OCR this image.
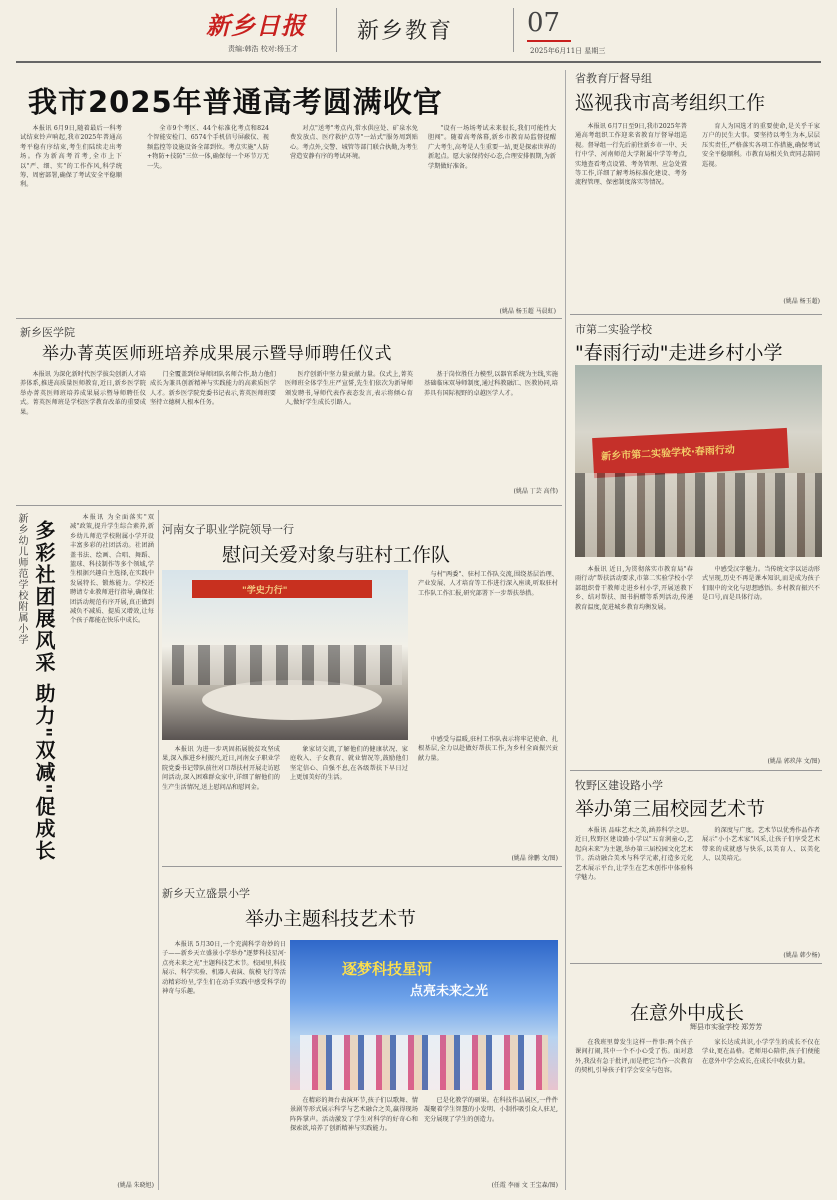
新乡日报
责编:韩浩 校对:杨玉才
新乡教育	07
2025年6月11日 星期三
我市2025年普通高考圆满收官

本报讯 6月9日,随着最后一科考试结束铃声响起,我市2025年普通高考平稳有序结束,考生们陆续走出考场。作为新高考首考,全市上下以"严、细、实"的工作作风,科学统筹、周密部署,确保了考试安全平稳顺利。

全市9个考区、44个标准化考点和824个智能安检门、6574个手机信号屏蔽仪、视频监控等设施设备全部到位。考点实施"人防+物防+技防"三位一体,确保每一个环节万无一失。

对点"送考"考点内,常水供应处、矿泉水免费发放点、医疗救护点等"一站式"服务周到贴心。考点外,交警、城管等部门联合执勤,为考生营造安静有序的考试环境。

"设有一场场考试未来很长,我们可能性大胆闯"。随着高考落幕,新乡市教育局监督提醒广大考生,高考是人生重要一站,更是探索世界的新起点。愿大家保持好心态,合理安排假期,为新学期做好准备。

(姚晶 杨玉超 马晨虹)
省教育厅督导组
巡视我市高考组织工作

本报讯 6月7日至9日,我市2025年普通高考组织工作迎来省教育厅督导组巡视。督导组一行先后前往新乡市一中、天行中学、河南师范大学附属中学等考点,实地查看考点设置、考务管理、应急处置等工作,详细了解考场标准化建设、考务流程管理、保密制度落实等情况。

育人为国选才的重要使命,是关乎千家万户的民生大事。要坚持以考生为本,层层压实责任,严格落实各项工作措施,确保考试安全平稳顺利。市教育局相关负责同志陪同巡视。

(姚晶 杨玉超)
新乡医学院
举办菁英医师班培养成果展示暨导师聘任仪式

本报讯 为深化新时代医学拔尖创新人才培养体系,推进高质量医师教育,近日,新乡医学院举办菁英医师班培养成果展示暨导师聘任仪式。菁英医师班是学校医学教育改革的重要成果。

门全覆盖到位导师团队名师合作,助力他们成长为兼具创新精神与实践能力的高素质医学人才。新乡医学院党委书记表示,菁英医师班要坚持立德树人根本任务。

医疗创新中坚力量贡献力量。仪式上,菁英医师班全体学生庄严宣誓,先生们依次为新导师颁发聘书,导师代表作表态发言,表示将倾心育人,做好学生成长引路人。

基于岗位胜任力模型,以器官系统为主线,实施基础临床双导师制度,通过科教融汇、医教协同,培养具有国际视野的卓越医学人才。

(姚晶 丁芸 高伟)
市第二实验学校
"春雨行动"走进乡村小学
新乡市第二实验学校·春雨行动

本报讯 近日,为贯彻落实市教育局"春雨行动"帮扶活动要求,市第二实验学校小学部组织骨干教师走进乡村小学,开展送教下乡、结对帮扶、图书捐赠等系列活动,传递教育温度,促进城乡教育均衡发展。

中感受汉字魅力。当传统文字以运动形式呈现,历史不再是课本知识,而是成为孩子们眼中的文化与思想感悟。乡村教育振兴不是口号,而是具体行动。

(姚晶 郭玖萍 文/图)
新乡幼儿师范学校附属小学 多彩社团展风采 助力"双减"促成长

本报讯 为全面落实"双减"政策,提升学生综合素养,新乡幼儿师范学校附属小学开设丰富多彩的社团活动。社团涵盖书法、绘画、合唱、舞蹈、篮球、科技制作等多个领域,学生根据兴趣自主选择,在实践中发展特长、锻炼能力。学校还聘请专业教师进行指导,确保社团活动规范有序开展,真正做到减负不减质、提质又增效,让每个孩子都能在快乐中成长。

(姚晶 朱晓旭)
河南女子职业学院领导一行
慰问关爱对象与驻村工作队
"学史力行"

本报讯 为进一步巩固拓展脱贫攻坚成果,深入推进乡村振兴,近日,河南女子职业学院党委书记带队前往对口帮扶村开展走访慰问活动,深入困难群众家中,详细了解他们的生产生活情况,送上慰问品和慰问金。

象家切交流,了解他们的健康状况、家庭收入、子女教育、就业情况等,鼓励他们坚定信心、自强不息,在各级帮扶下早日过上更加美好的生活。

与村"两委"、驻村工作队交流,围绕基层治理、产业发展、人才培育等工作进行深入座谈,听取驻村工作队工作汇报,研究部署下一步帮扶举措。

中感受与温暖,驻村工作队表示将牢记使命、扎根基层,全力以赴做好帮扶工作,为乡村全面振兴贡献力量。

(姚晶 徐鹏 文/图)
牧野区建设路小学
举办第三届校园艺术节

本报讯 品味艺术之美,涵养科学之思。近日,牧野区建设路小学以"五育润童心,艺起向未来"为主题,举办第三届校园文化艺术节。活动融合美术与科学元素,打造多元化艺术展示平台,让学生在艺术创作中体验科学魅力。

的深度与广度。艺术节以优秀作品作者展示"小小艺术家"风采,让孩子们享受艺术带来的成就感与快乐,以美育人、以美化人、以美培元。

(姚晶 韩少杨)
新乡天立盛景小学
举办主题科技艺术节

本报讯 5月30日,一个充满科学奇妙的日子——新乡天立盛景小学举办"逐梦科技星河·点亮未来之光"主题科技艺术节。校园里,科技展示、科学实验、机器人表演、航模飞行等活动精彩纷呈,学生们在动手实践中感受科学的神奇与乐趣。

逐梦科技星河
点亮未来之光

在精彩的舞台表演环节,孩子们以歌舞、情景剧等形式展示科学与艺术融合之美,赢得现场阵阵掌声。活动激发了学生对科学的好奇心和探索欲,培养了创新精神与实践能力。

已是化教学的硕果。在科技作品展区,一件件凝聚着学生智慧的小发明、小制作吸引众人驻足,充分展现了学生的创造力。

(任霞 李丽 文 王宝森/图)
在意外中成长
辉县市实验学校 郑芳芳

在我班里曾发生这样一件事:两个孩子课间打闹,其中一个不小心受了伤。面对意外,我没有急于批评,而是把它当作一次教育的契机,引导孩子们学会安全与包容。

家长达成共识,小学学生的成长不仅在学业,更在品格。老师用心陪伴,孩子们便能在意外中学会成长,在成长中收获力量。
